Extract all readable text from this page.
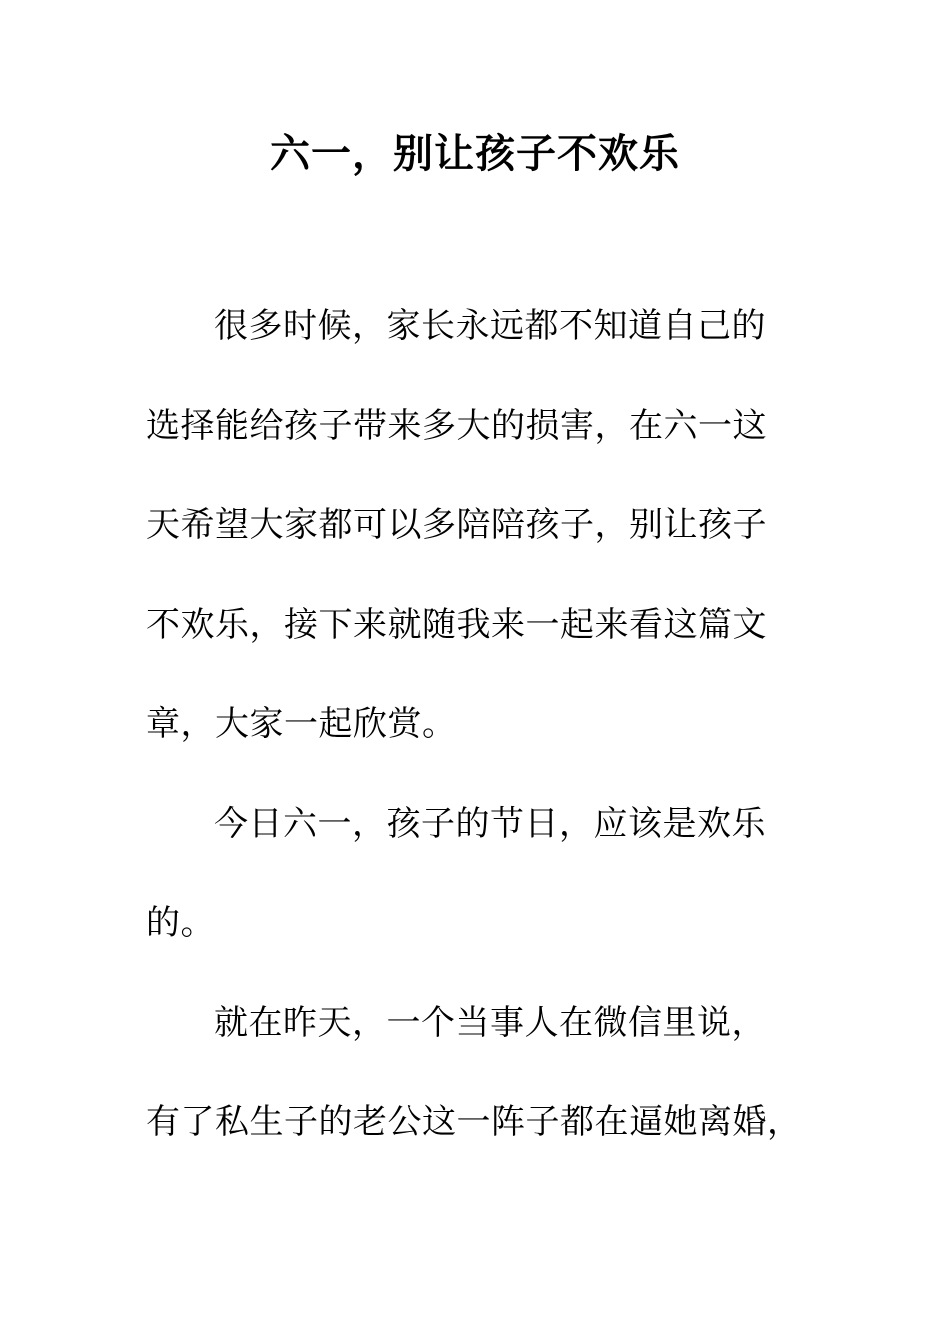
六一，别让孩子不欢乐
很多时候，家长永远都不知道自己的
选择能给孩子带来多大的损害，在六一这
天希望大家都可以多陪陪孩子，别让孩子
不欢乐，接下来就随我来一起来看这篇文
章，大家一起欣赏。
今日六一，孩子的节日，应该是欢乐
的。
就在昨天，一个当事人在微信里说，
有了私生子的老公这一阵子都在逼她离婚，
